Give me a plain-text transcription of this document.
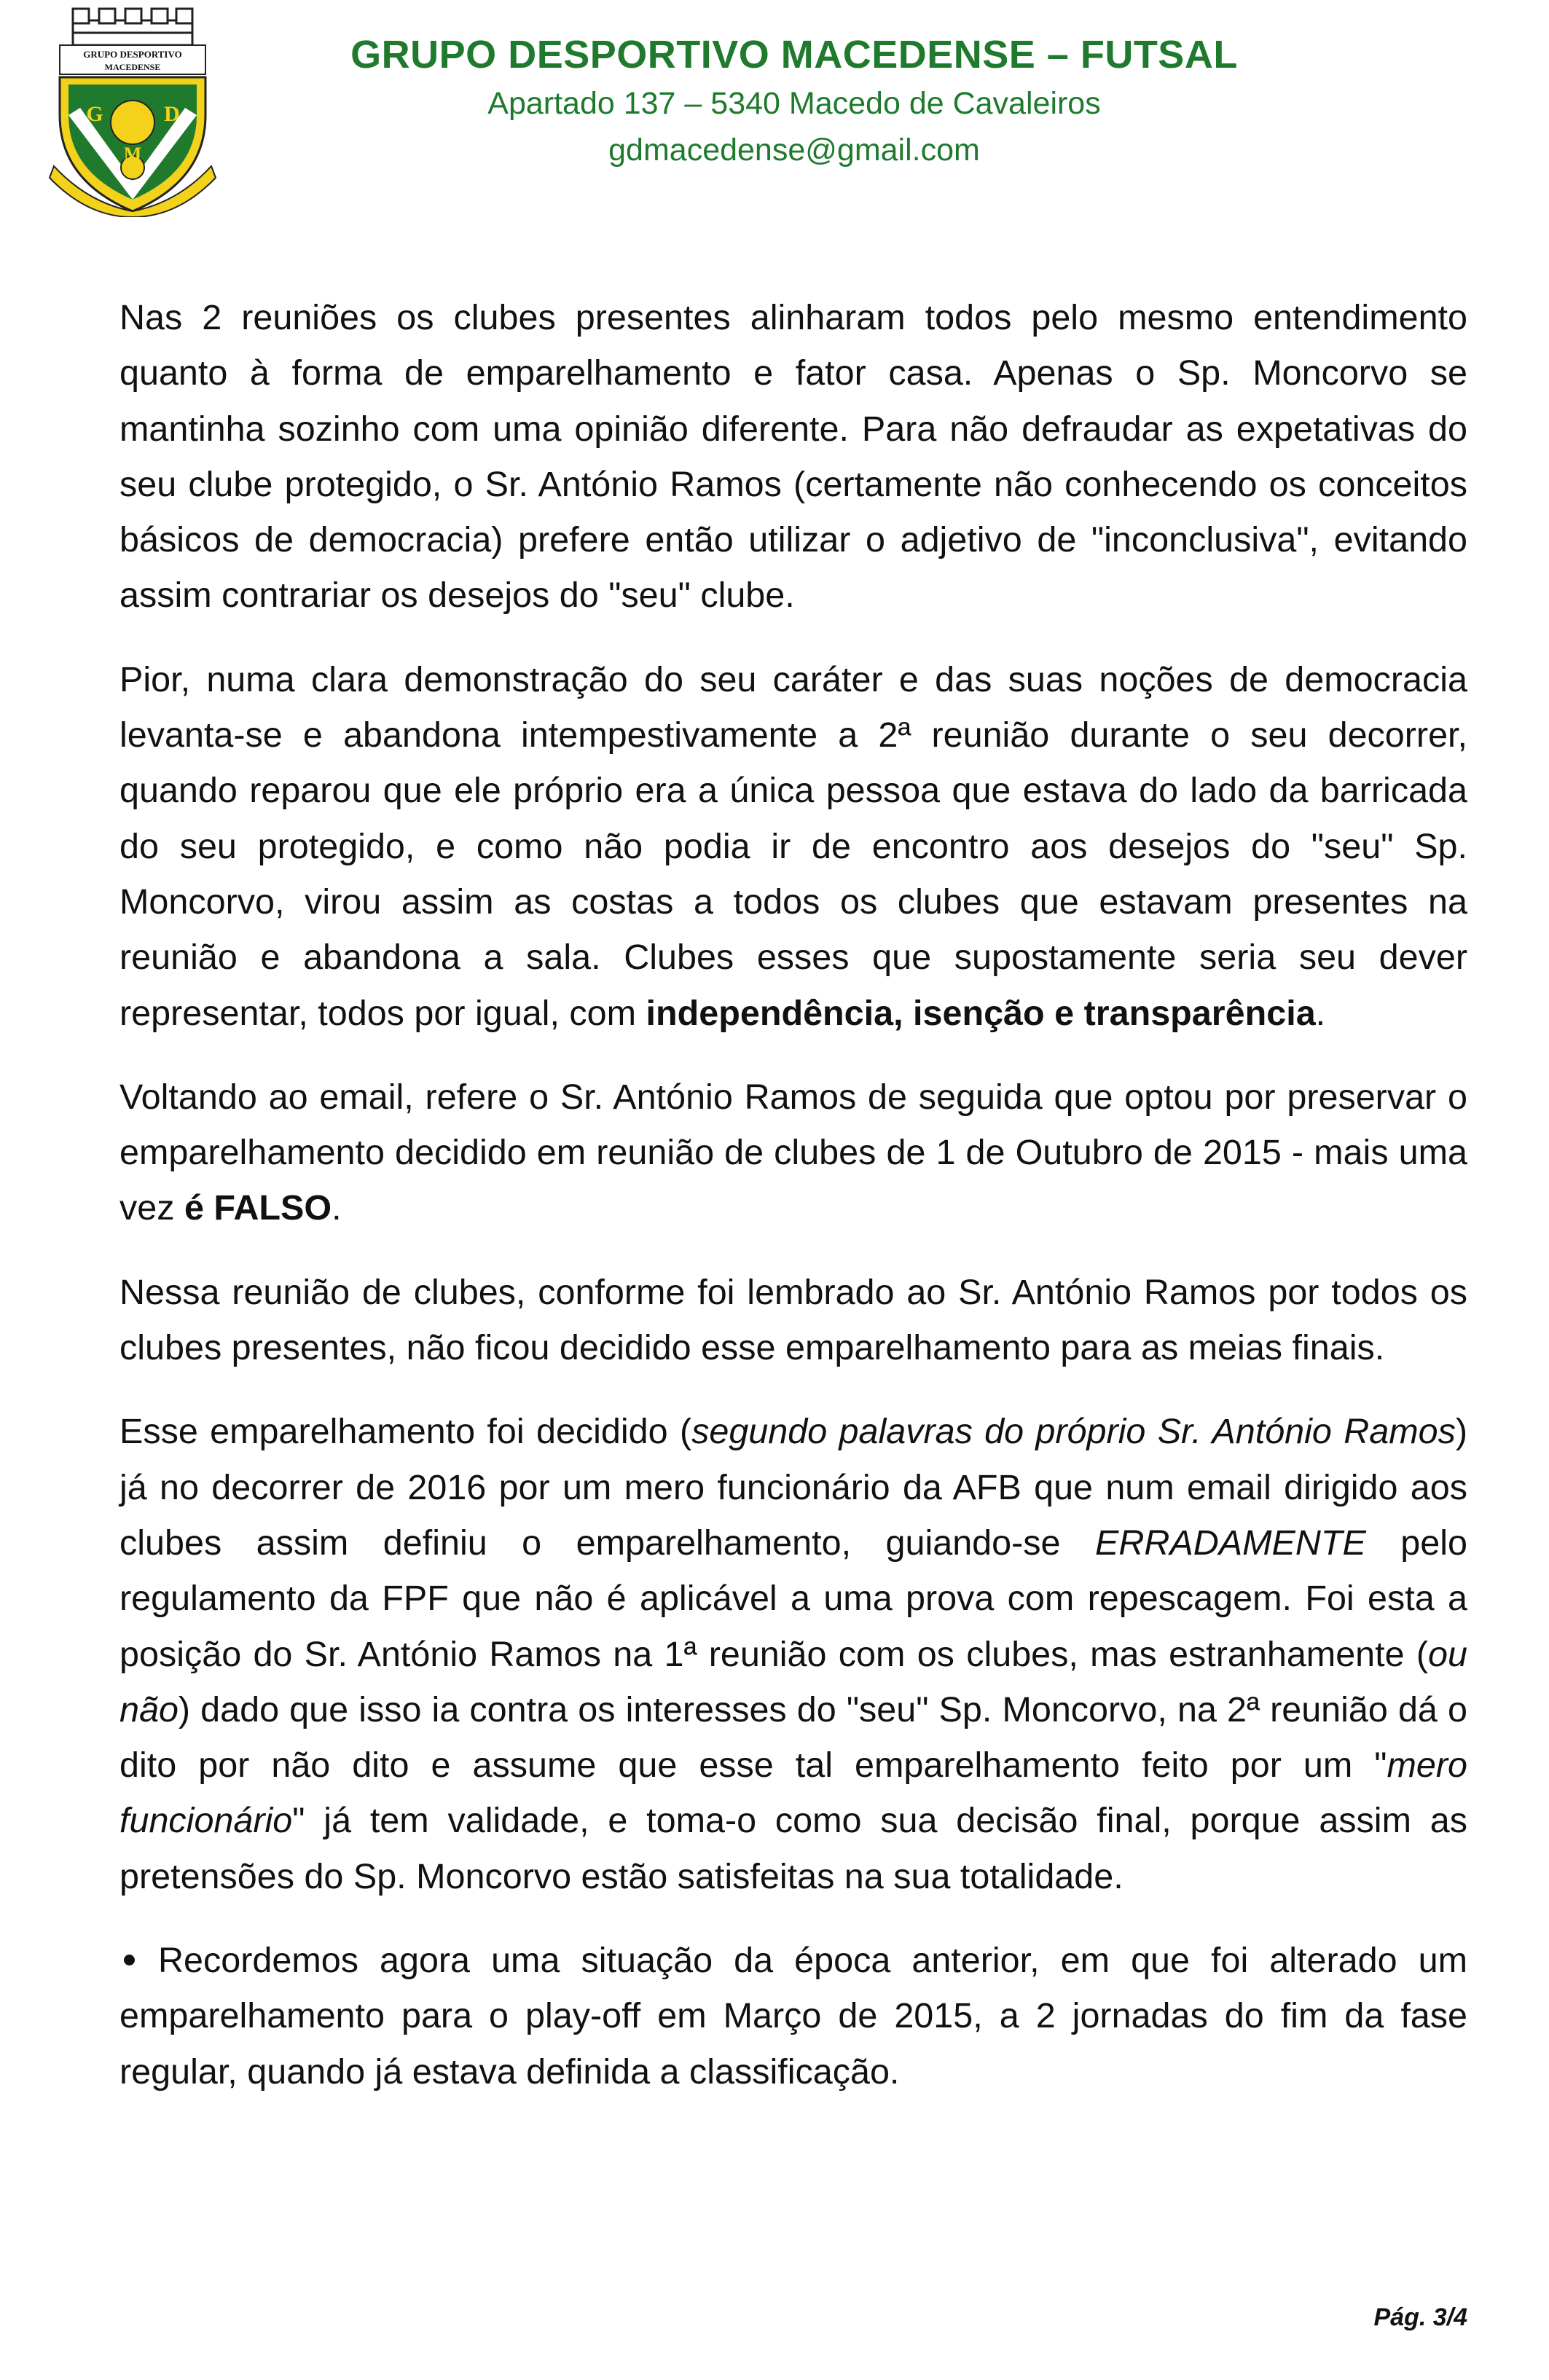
GRUPO DESPORTIVO
MACEDENSE
G	D
M
GRUPO DESPORTIVO MACEDENSE – FUTSAL
Apartado 137 – 5340 Macedo de Cavaleiros
gdmacedense@gmail.com

Nas 2 reuniões os clubes presentes alinharam todos pelo mesmo entendimento quanto à forma de emparelhamento e fator casa. Apenas o Sp. Moncorvo se mantinha sozinho com uma opinião diferente. Para não defraudar as expetativas do seu clube protegido, o Sr. António Ramos (certamente não conhecendo os conceitos básicos de democracia) prefere então utilizar o adjetivo de "inconclusiva", evitando assim contrariar os desejos do "seu" clube.

Pior, numa clara demonstração do seu caráter e das suas noções de democracia levanta-se e abandona intempestivamente a 2ª reunião durante o seu decorrer, quando reparou que ele próprio era a única pessoa que estava do lado da barricada do seu protegido, e como não podia ir de encontro aos desejos do "seu" Sp. Moncorvo, virou assim as costas a todos os clubes que estavam presentes na reunião e abandona a sala. Clubes esses que supostamente seria seu dever representar, todos por igual, com independência, isenção e transparência.

Voltando ao email, refere o Sr. António Ramos de seguida que optou por preservar o emparelhamento decidido em reunião de clubes de 1 de Outubro de 2015 - mais uma vez é FALSO.

Nessa reunião de clubes, conforme foi lembrado ao Sr. António Ramos por todos os clubes presentes, não ficou decidido esse emparelhamento para as meias finais.

Esse emparelhamento foi decidido (segundo palavras do próprio Sr. António Ramos) já no decorrer de 2016 por um mero funcionário da AFB que num email dirigido aos clubes assim definiu o emparelhamento, guiando-se ERRADAMENTE pelo regulamento da FPF que não é aplicável a uma prova com repescagem. Foi esta a posição do Sr. António Ramos na 1ª reunião com os clubes, mas estranhamente (ou não) dado que isso ia contra os interesses do "seu" Sp. Moncorvo, na 2ª reunião dá o dito por não dito e assume que esse tal emparelhamento feito por um "mero funcionário" já tem validade, e toma-o como sua decisão final, porque assim as pretensões do Sp. Moncorvo estão satisfeitas na sua totalidade.

Recordemos agora uma situação da época anterior, em que foi alterado um emparelhamento para o play-off em Março de 2015, a 2 jornadas do fim da fase regular, quando já estava definida a classificação.

Pág. 3/4
